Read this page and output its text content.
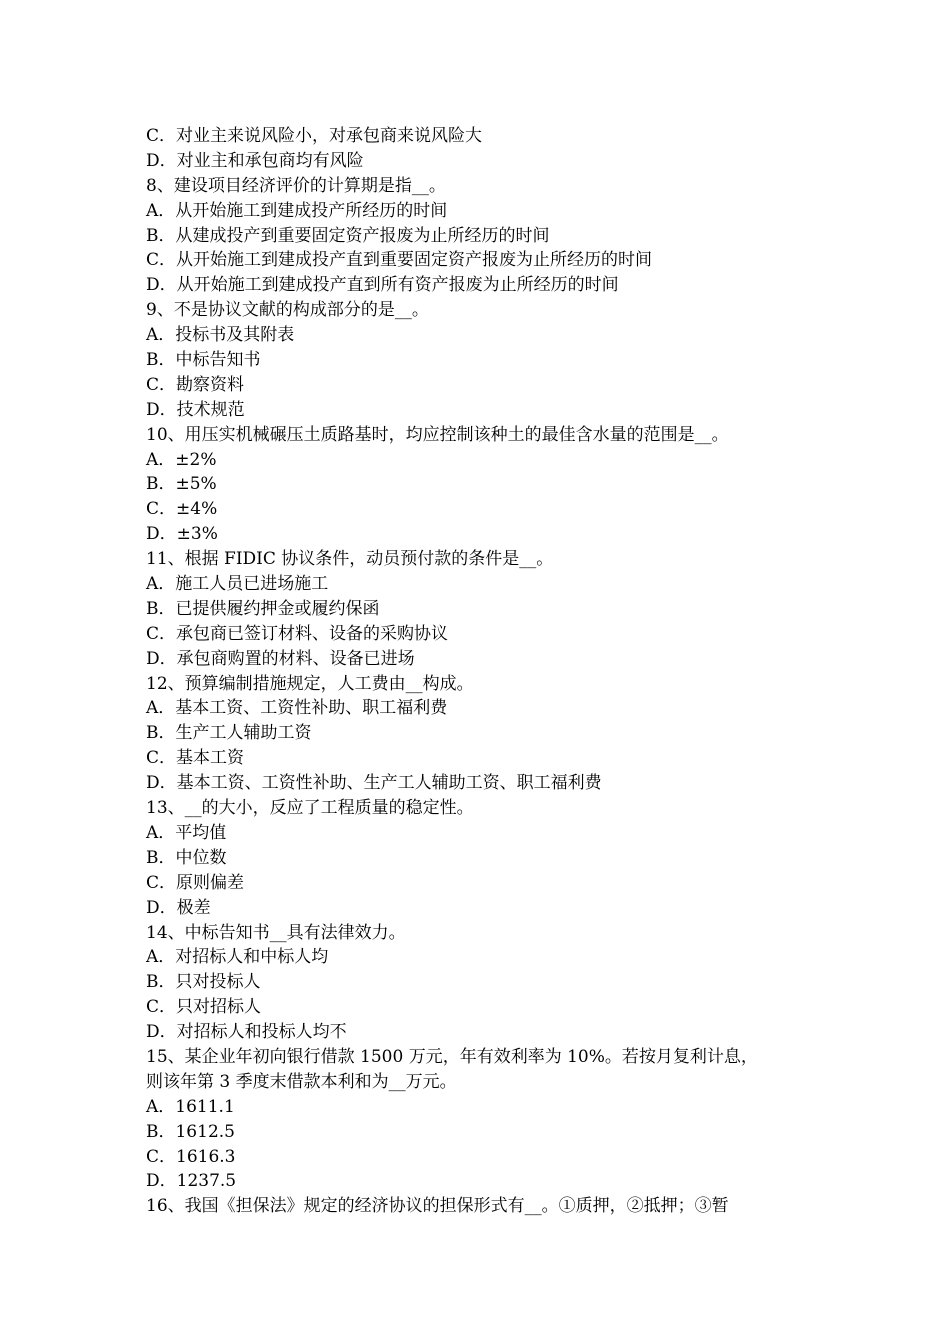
C．对业主来说风险小，对承包商来说风险大
D．对业主和承包商均有风险
8、建设项目经济评价的计算期是指__。
A．从开始施工到建成投产所经历的时间
B．从建成投产到重要固定资产报废为止所经历的时间
C．从开始施工到建成投产直到重要固定资产报废为止所经历的时间
D．从开始施工到建成投产直到所有资产报废为止所经历的时间
9、不是协议文献的构成部分的是__。
A．投标书及其附表
B．中标告知书
C．勘察资料
D．技术规范
10、用压实机械碾压土质路基时，均应控制该种土的最佳含水量的范围是__。
A．±2%
B．±5%
C．±4%
D．±3%
11、根据 FIDIC 协议条件，动员预付款的条件是__。
A．施工人员已进场施工
B．已提供履约押金或履约保函
C．承包商已签订材料、设备的采购协议
D．承包商购置的材料、设备已进场
12、预算编制措施规定，人工费由__构成。
A．基本工资、工资性补助、职工福利费
B．生产工人辅助工资
C．基本工资
D．基本工资、工资性补助、生产工人辅助工资、职工福利费
13、__的大小，反应了工程质量的稳定性。
A．平均值
B．中位数
C．原则偏差
D．极差
14、中标告知书__具有法律效力。
A．对招标人和中标人均
B．只对投标人
C．只对招标人
D．对招标人和投标人均不
15、某企业年初向银行借款 1500 万元，年有效利率为 10%。若按月复利计息，
则该年第 3 季度末借款本利和为__万元。
A．1611.1
B．1612.5
C．1616.3
D．1237.5
16、我国《担保法》规定的经济协议的担保形式有__。①质押，②抵押；③暂
